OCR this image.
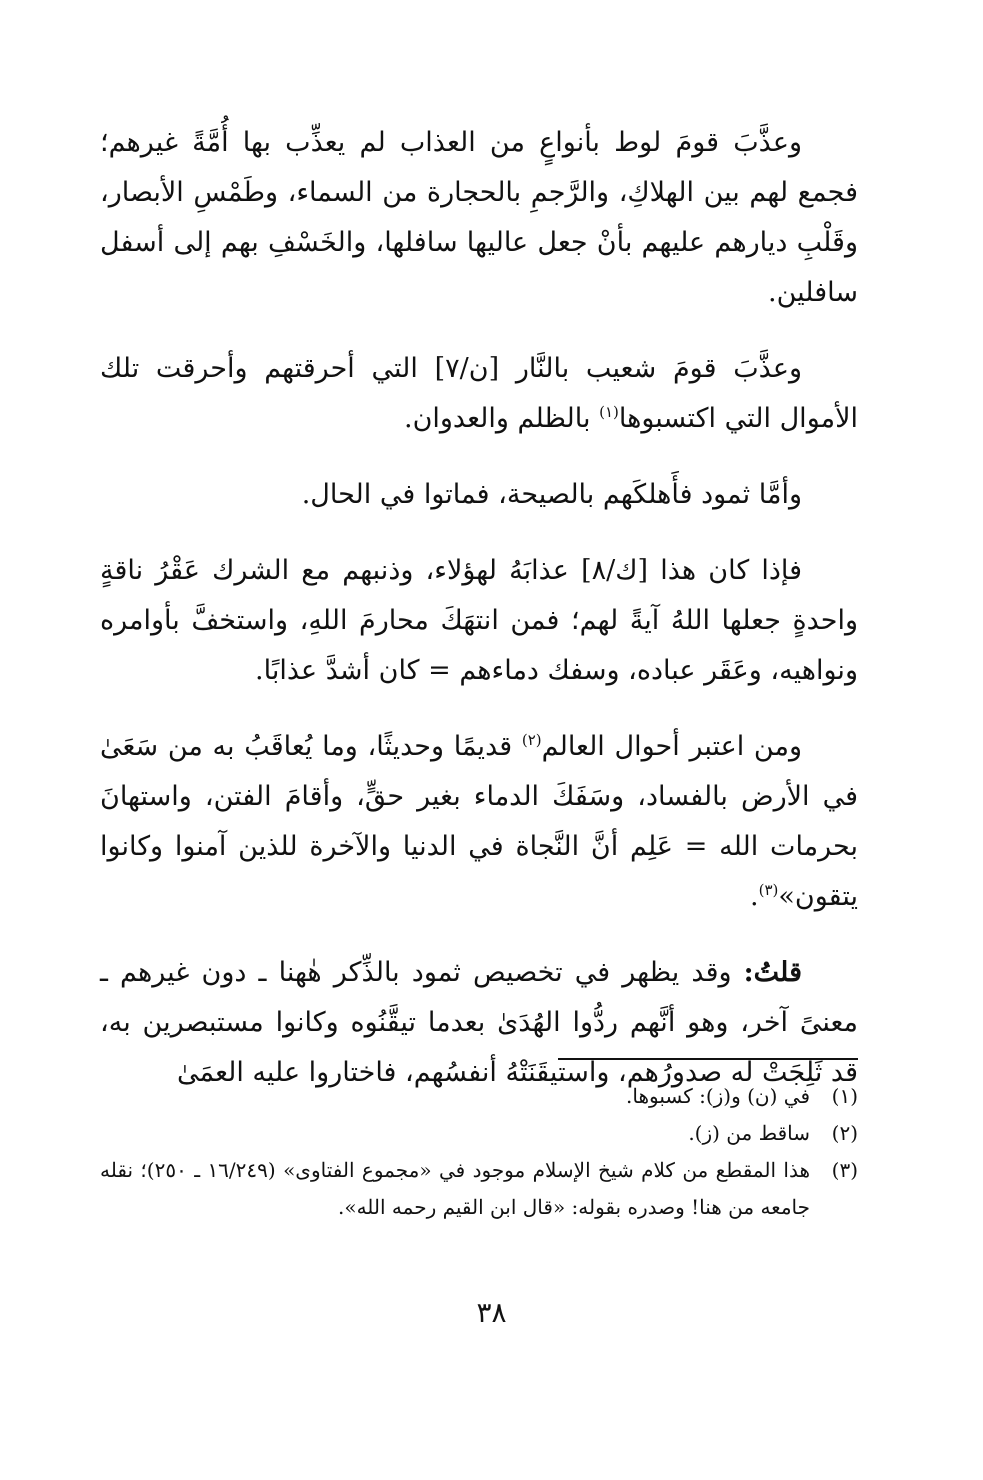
وعذَّبَ قومَ لوط بأنواعٍ من العذاب لم يعذِّب بها أُمَّةً غيرهم؛ فجمع لهم بين الهلاكِ، والرَّجمِ بالحجارة من السماء، وطَمْسِ الأبصار، وقَلْبِ ديارهم عليهم بأنْ جعل عاليها سافلها، والخَسْفِ بهم إلى أسفل سافلين.

وعذَّبَ قومَ شعيب بالنَّار [ن/٧] التي أحرقتهم وأحرقت تلك الأموال التي اكتسبوها$^{(١)}$ بالظلم والعدوان.

وأمَّا ثمود فأَهلكَهم بالصيحة، فماتوا في الحال.

فإذا كان هذا [ك/٨] عذابَهُ لهؤلاء، وذنبهم مع الشرك عَقْرُ ناقةٍ واحدةٍ جعلها اللهُ آيةً لهم؛ فمن انتهَكَ محارمَ اللهِ، واستخفَّ بأوامره ونواهيه، وعَقَر عباده، وسفك دماءهم = كان أشدَّ عذابًا.

ومن اعتبر أحوال العالم$^{(٢)}$ قديمًا وحديثًا، وما يُعاقَبُ به من سَعَىٰ في الأرض بالفساد، وسَفَكَ الدماء بغير حقٍّ، وأقامَ الفتن، واستهانَ بحرمات الله = عَلِم أنَّ النَّجاة في الدنيا والآخرة للذين آمنوا وكانوا يتقون»$^{(٣)}$.

قلتُ: وقد يظهر في تخصيص ثمود بالذِّكر هٰهنا ـ دون غيرهم ـ معنىً آخر، وهو أنَّهم ردُّوا الهُدَىٰ بعدما تيقَّنُوه وكانوا مستبصرين به، قد ثَلِجَتْ له صدورُهم، واستيقَنَتْهُ أنفسُهم، فاختاروا عليه العمَىٰ

(١)
في (ن) و(ز): كسبوها.
(٢)
ساقط من (ز).
(٣)
هذا المقطع من كلام شيخ الإسلام موجود في «مجموع الفتاوى» (١٦/٢٤٩ ـ ٢٥٠)؛ نقله جامعه من هنا! وصدره بقوله: «قال ابن القيم رحمه الله».
٣٨
